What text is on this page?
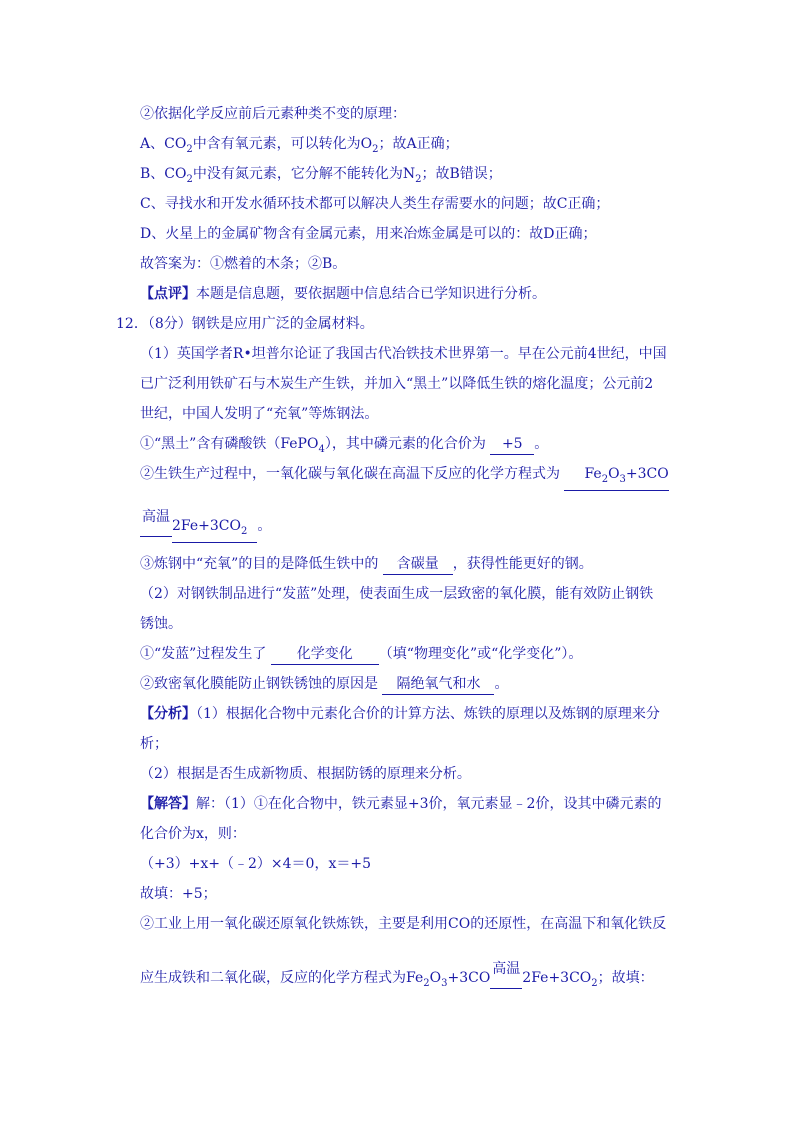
②依据化学反应前后元素种类不变的原理：
A、$CO_2$中含有氧元素，可以转化为$O_2$；故A正确；
B、$CO_2$中没有氮元素，它分解不能转化为$N_2$；故B错误；
C、寻找水和开发水循环技术都可以解决人类生存需要水的问题；故C正确；
D、火星上的金属矿物含有金属元素，用来冶炼金属是可以的：故D正确；
故答案为：①燃着的木条；②B。
【点评】本题是信息题，要依据题中信息结合已学知识进行分析。
12．（8分）钢铁是应用广泛的金属材料。
（1）英国学者R•坦普尔论证了我国古代冶铁技术世界第一。早在公元前4世纪，中国
已广泛利用铁矿石与木炭生产生铁，并加入“黑土”以降低生铁的熔化温度；公元前2
世纪，中国人发明了“充氧”等炼钢法。
①“黑土”含有磷酸铁（FePO$_4$），其中磷元素的化合价为 +5 。
②生铁生产过程中，一氧化碳与氧化碳在高温下反应的化学方程式为 $Fe_2O_3+3CO$
高温
$2Fe+3CO_2$ 。
③炼钢中“充氧”的目的是降低生铁中的 含碳量 ，获得性能更好的钢。
（2）对钢铁制品进行“发蓝”处理，使表面生成一层致密的氧化膜，能有效防止钢铁
锈蚀。
①“发蓝”过程发生了 化学变化 （填“物理变化”或“化学变化”）。
②致密氧化膜能防止钢铁锈蚀的原因是 隔绝氧气和水 。
【分析】（1）根据化合物中元素化合价的计算方法、炼铁的原理以及炼钢的原理来分
析；
（2）根据是否生成新物质、根据防锈的原理来分析。
【解答】解：（1）①在化合物中，铁元素显+3价，氧元素显﹣2价，设其中磷元素的
化合价为x，则：
（+3）+x+（﹣2）×4＝0，x＝+5
故填：+5；
②工业上用一氧化碳还原氧化铁炼铁，主要是利用CO的还原性，在高温下和氧化铁反
应生成铁和二氧化碳，反应的化学方程式为$Fe_2O_3+3CO$
高温
$2Fe+3CO_2$；故填：
